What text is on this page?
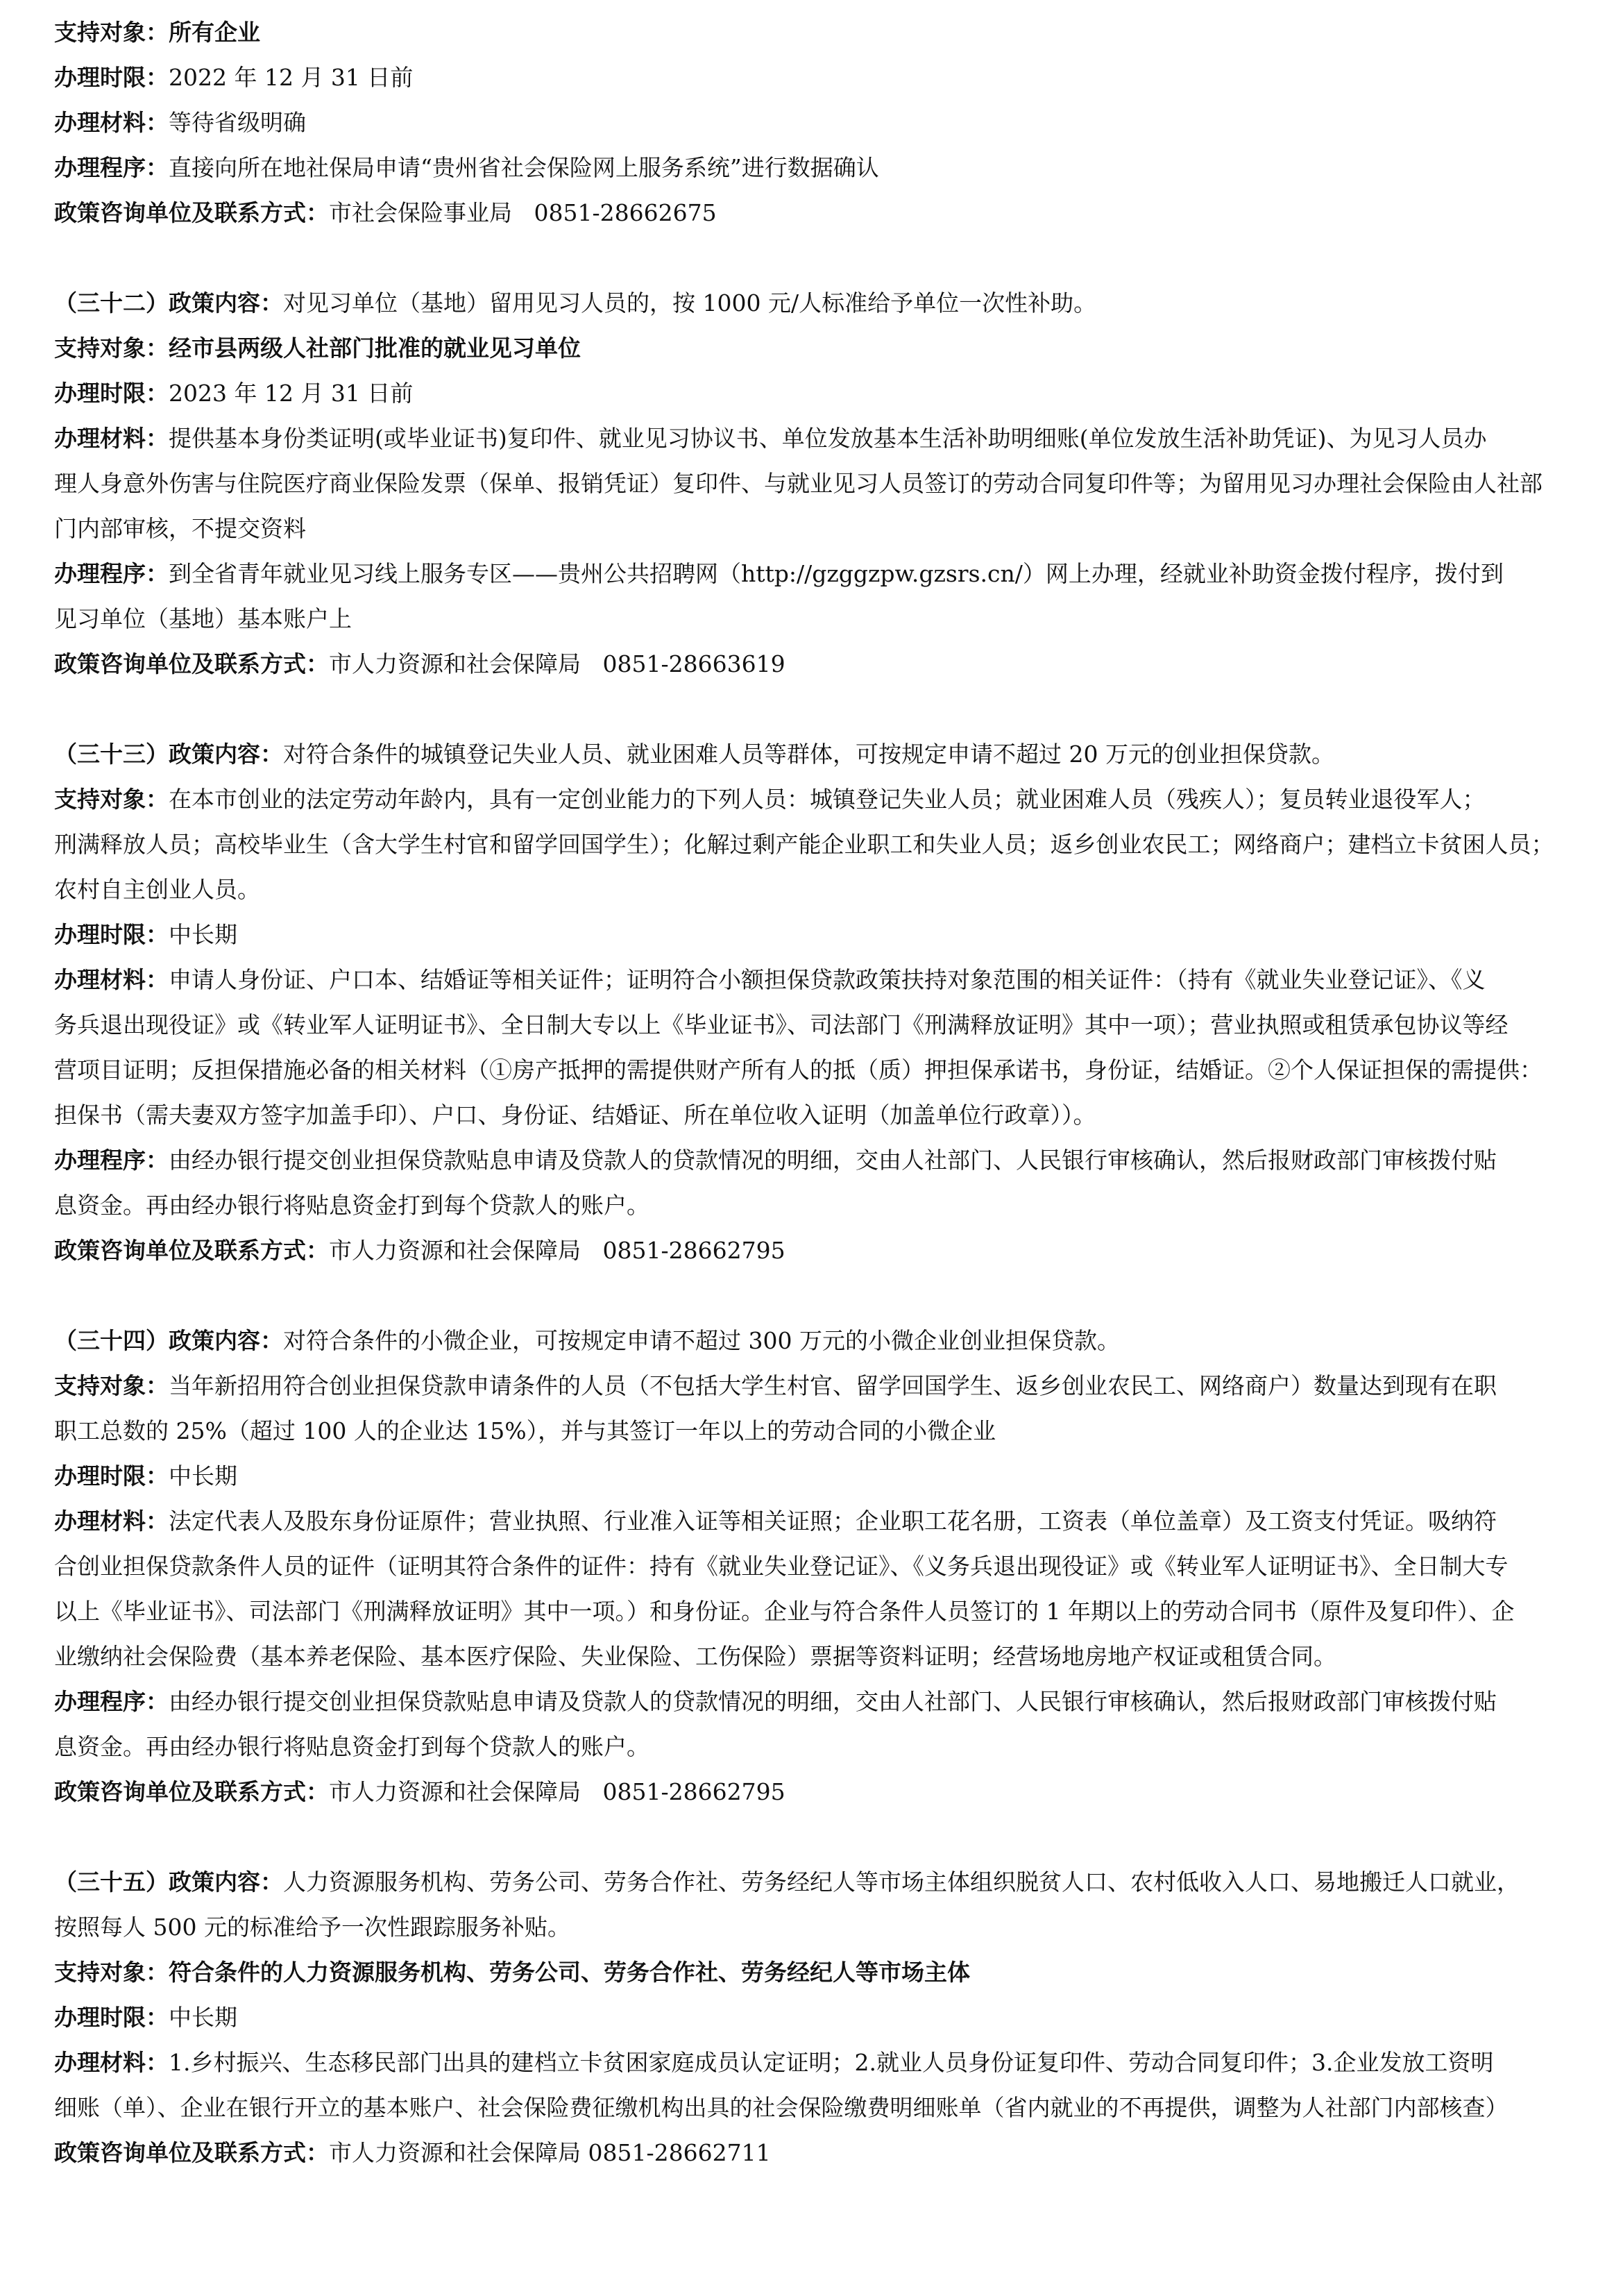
支持对象：所有企业
办理时限：2022 年 12 月 31 日前
办理材料：等待省级明确
办理程序：直接向所在地社保局申请“贵州省社会保险网上服务系统”进行数据确认
政策咨询单位及联系方式：市社会保险事业局   0851-28662675
（三十二）政策内容：对见习单位（基地）留用见习人员的，按 1000 元/人标准给予单位一次性补助。
支持对象：经市县两级人社部门批准的就业见习单位
办理时限：2023 年 12 月 31 日前
办理材料：提供基本身份类证明(或毕业证书)复印件、就业见习协议书、单位发放基本生活补助明细账(单位发放生活补助凭证)、为见习人员办
理人身意外伤害与住院医疗商业保险发票（保单、报销凭证）复印件、与就业见习人员签订的劳动合同复印件等；为留用见习办理社会保险由人社部
门内部审核，不提交资料
办理程序：到全省青年就业见习线上服务专区——贵州公共招聘网（http://gzggzpw.gzsrs.cn/）网上办理，经就业补助资金拨付程序，拨付到
见习单位（基地）基本账户上
政策咨询单位及联系方式：市人力资源和社会保障局   0851-28663619
（三十三）政策内容：对符合条件的城镇登记失业人员、就业困难人员等群体，可按规定申请不超过 20 万元的创业担保贷款。
支持对象：在本市创业的法定劳动年龄内，具有一定创业能力的下列人员：城镇登记失业人员；就业困难人员（残疾人）；复员转业退役军人；
刑满释放人员；高校毕业生（含大学生村官和留学回国学生）；化解过剩产能企业职工和失业人员；返乡创业农民工；网络商户；建档立卡贫困人员；
农村自主创业人员。
办理时限：中长期
办理材料：申请人身份证、户口本、结婚证等相关证件；证明符合小额担保贷款政策扶持对象范围的相关证件：（持有《就业失业登记证》、《义
务兵退出现役证》或《转业军人证明证书》、全日制大专以上《毕业证书》、司法部门《刑满释放证明》其中一项）；营业执照或租赁承包协议等经
营项目证明；反担保措施必备的相关材料（①房产抵押的需提供财产所有人的抵（质）押担保承诺书，身份证，结婚证。②个人保证担保的需提供：
担保书（需夫妻双方签字加盖手印）、户口、身份证、结婚证、所在单位收入证明（加盖单位行政章））。
办理程序：由经办银行提交创业担保贷款贴息申请及贷款人的贷款情况的明细，交由人社部门、人民银行审核确认，然后报财政部门审核拨付贴
息资金。再由经办银行将贴息资金打到每个贷款人的账户。
政策咨询单位及联系方式：市人力资源和社会保障局   0851-28662795
（三十四）政策内容：对符合条件的小微企业，可按规定申请不超过 300 万元的小微企业创业担保贷款。
支持对象：当年新招用符合创业担保贷款申请条件的人员（不包括大学生村官、留学回国学生、返乡创业农民工、网络商户）数量达到现有在职
职工总数的 25%（超过 100 人的企业达 15%），并与其签订一年以上的劳动合同的小微企业
办理时限：中长期
办理材料：法定代表人及股东身份证原件；营业执照、行业准入证等相关证照；企业职工花名册，工资表（单位盖章）及工资支付凭证。吸纳符
合创业担保贷款条件人员的证件（证明其符合条件的证件：持有《就业失业登记证》、《义务兵退出现役证》或《转业军人证明证书》、全日制大专
以上《毕业证书》、司法部门《刑满释放证明》其中一项。）和身份证。企业与符合条件人员签订的 1 年期以上的劳动合同书（原件及复印件）、企
业缴纳社会保险费（基本养老保险、基本医疗保险、失业保险、工伤保险）票据等资料证明；经营场地房地产权证或租赁合同。
办理程序：由经办银行提交创业担保贷款贴息申请及贷款人的贷款情况的明细，交由人社部门、人民银行审核确认，然后报财政部门审核拨付贴
息资金。再由经办银行将贴息资金打到每个贷款人的账户。
政策咨询单位及联系方式：市人力资源和社会保障局   0851-28662795
（三十五）政策内容：人力资源服务机构、劳务公司、劳务合作社、劳务经纪人等市场主体组织脱贫人口、农村低收入人口、易地搬迁人口就业，
按照每人 500 元的标准给予一次性跟踪服务补贴。
支持对象：符合条件的人力资源服务机构、劳务公司、劳务合作社、劳务经纪人等市场主体
办理时限：中长期
办理材料：1.乡村振兴、生态移民部门出具的建档立卡贫困家庭成员认定证明；2.就业人员身份证复印件、劳动合同复印件；3.企业发放工资明
细账（单）、企业在银行开立的基本账户、社会保险费征缴机构出具的社会保险缴费明细账单（省内就业的不再提供，调整为人社部门内部核查）
政策咨询单位及联系方式：市人力资源和社会保障局 0851-28662711
